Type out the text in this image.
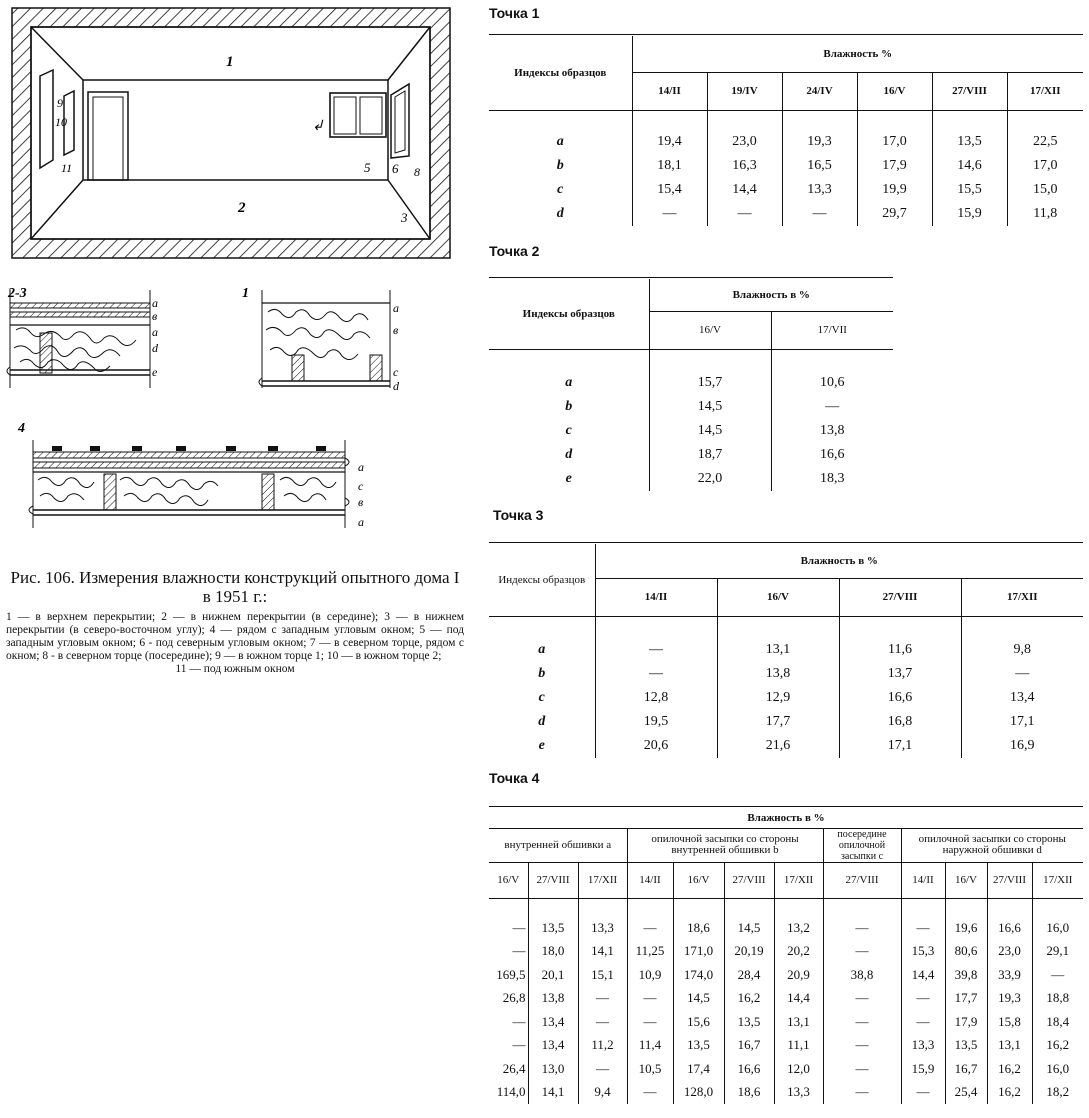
1
2
3
↲
5 6 8
9
10
11
2-3
a
в
a
d
e
1
a
в
c
d
4
a
c
в
a
Рис. 106. Измерения влажности конструкций опытного дома I в 1951 г.:
1 — в верхнем перекрытии; 2 — в нижнем перекрытии (в середине); 3 — в нижнем перекрытии (в северо-восточном углу); 4 — рядом с западным угловым окном; 5 — под западным угловым окном; 6 - под северным угловым окном; 7 — в северном торце, рядом с окном; 8 - в северном торце (посередине); 9 — в южном торце 1; 10 — в южном торце 2;
11 — под южным окном
Точка 1
Индексы образцов	Влажность %					
	14/II	19/IV	24/IV	16/V	27/VIII	17/XII

a	19,4	23,0	19,3	17,0	13,5	22,5
b	18,1	16,3	16,5	17,9	14,6	17,0
c	15,4	14,4	13,3	19,9	15,5	15,0
d	—	—	—	29,7	15,9	11,8
Точка 2
Индексы образцов	Влажность в %	
	16/V	17/VII

a	15,7	10,6
b	14,5	—
c	14,5	13,8
d	18,7	16,6
e	22,0	18,3
Точка 3
Индексы образцов	Влажность в %			
	14/II	16/V	27/VIII	17/XII

a	—	13,1	11,6	9,8
b	—	13,8	13,7	—
c	12,8	12,9	16,6	13,4
d	19,5	17,7	16,8	17,1
e	20,6	21,6	17,1	16,9
Точка 4
Влажность в %											
внутренней обшивки a			опилочной засыпки со стороны внутренней обшивки b				посередине опилочной засыпки c	опилочной засыпки со стороны наружной обшивки d			
16/V	27/VIII	17/XII	14/II	16/V	27/VIII	17/XII	27/VIII	14/II	16/V	27/VIII	17/XII

—	13,5	13,3	—	18,6	14,5	13,2	—	—	19,6	16,6	16,0
—	18,0	14,1	11,25	171,0	20,19	20,2	—	15,3	80,6	23,0	29,1
169,5	20,1	15,1	10,9	174,0	28,4	20,9	38,8	14,4	39,8	33,9	—
26,8	13,8	—	—	14,5	16,2	14,4	—	—	17,7	19,3	18,8
—	13,4	—	—	15,6	13,5	13,1	—	—	17,9	15,8	18,4
—	13,4	11,2	11,4	13,5	16,7	11,1	—	13,3	13,5	13,1	16,2
26,4	13,0	—	10,5	17,4	16,6	12,0	—	15,9	16,7	16,2	16,0
114,0	14,1	9,4	—	128,0	18,6	13,3	—	—	25,4	16,2	18,2
